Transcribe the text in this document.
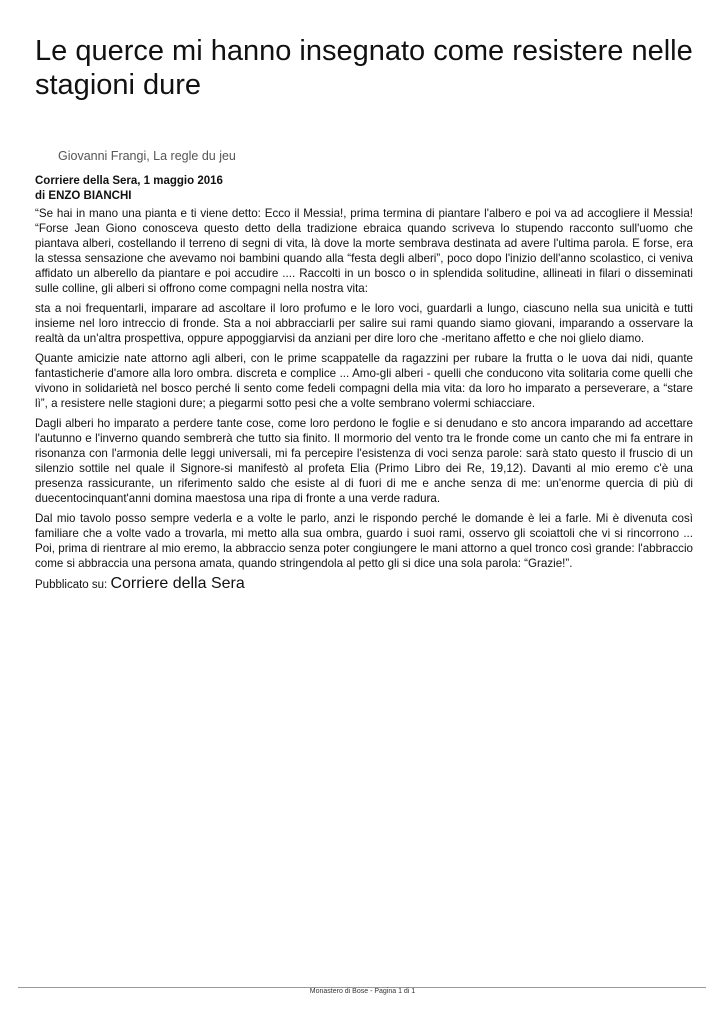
Le querce mi hanno insegnato come resistere nelle stagioni dure

Giovanni Frangi, La regle du jeu

Corriere della Sera, 1 maggio 2016
di ENZO BIANCHI

“Se hai in mano una pianta e ti viene detto: Ecco il Messia!, prima termina di piantare l'albero e poi va ad accogliere il Messia! “Forse Jean Giono conosceva questo detto della tradizione ebraica quando scriveva lo stupendo racconto sull'uomo che piantava alberi, costellando il terreno di segni di vita, là dove la morte sembrava destinata ad avere l'ultima parola. E forse, era la stessa sensazione che avevamo noi bambini quando alla “festa degli alberi”, poco dopo l'inizio dell'anno scolastico, ci veniva affidato un alberello da piantare e poi accudire .... Raccolti in un bosco o in splendida solitudine, allineati in filari o disseminati sulle colline, gli alberi si offrono come compagni nella nostra vita:

sta a noi frequentarli, imparare ad ascoltare il loro profumo e le loro voci, guardarli a lungo, ciascuno nella sua unicità e tutti insieme nel loro intreccio di fronde. Sta a noi abbracciarli per salire sui rami quando siamo giovani, imparando a osservare la realtà da un'altra prospettiva, oppure appoggiarvisi da anziani per dire loro che -meritano affetto e che noi glielo diamo.

Quante amicizie nate attorno agli alberi, con le prime scappatelle da ragazzini per rubare la frutta o le uova dai nidi, quante fantasticherie d'amore alla loro ombra. discreta e complice ... Amo-gli alberi - quelli che conducono vita solitaria come quelli che vivono in solidarietà nel bosco perché li sento come fedeli compagni della mia vita: da loro ho imparato a perseverare, a “stare lì”, a resistere nelle stagioni dure; a piegarmi sotto pesi che a volte sembrano volermi schiacciare.

Dagli alberi ho imparato a perdere tante cose, come loro perdono le foglie e si denudano e sto ancora imparando ad accettare l'autunno e l'inverno quando sembrerà che tutto sia finito. Il mormorio del vento tra le fronde come un canto che mi fa entrare in risonanza con l'armonia delle leggi universali, mi fa percepire l'esistenza di voci senza parole: sarà stato questo il fruscio di un silenzio sottile nel quale il Signore-si manifestò al profeta Elia (Primo Libro dei Re, 19,12). Davanti al mio eremo c'è una presenza rassicurante, un riferimento saldo che esiste al di fuori di me e anche senza di me: un'enorme quercia di più di duecentocinquant'anni domina maestosa una ripa di fronte a una verde radura.

Dal mio tavolo posso sempre vederla e a volte le parlo, anzi le rispondo perché le domande è lei a farle. Mi è divenuta così familiare che a volte vado a trovarla, mi metto alla sua ombra, guardo i suoi rami, osservo gli scoiattoli che vi si rincorrono ... Poi, prima di rientrare al mio eremo, la abbraccio senza poter congiungere le mani attorno a quel tronco così grande: l'abbraccio come si abbraccia una persona amata, quando stringendola al petto gli si dice una sola parola: “Grazie!”.

Pubblicato su: Corriere della Sera
Monastero di Bose - Pagina 1 di 1
